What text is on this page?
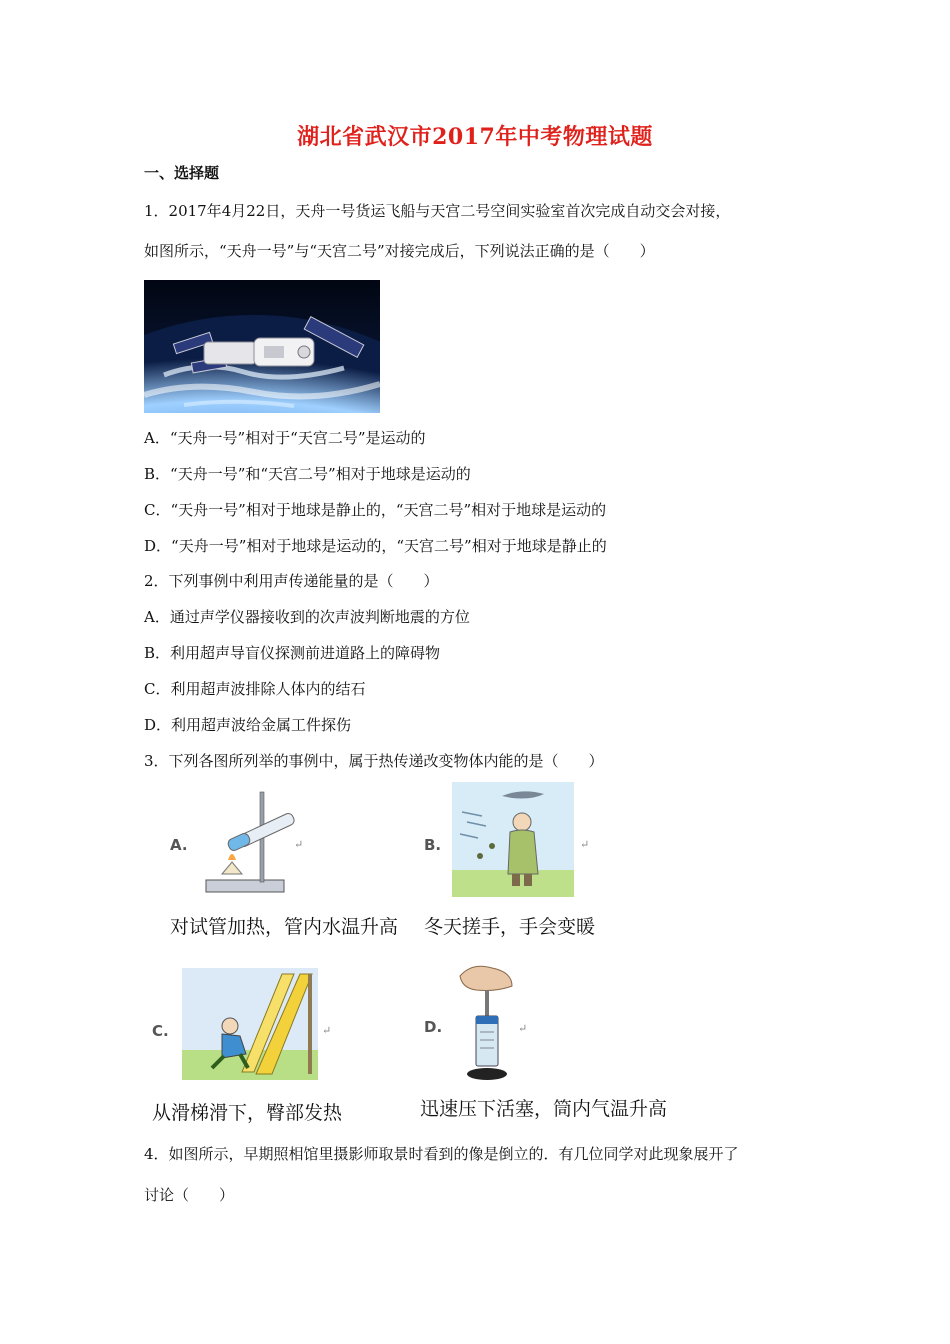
湖北省武汉市2017年中考物理试题
一、选择题
1．2017年4月22日，天舟一号货运飞船与天宫二号空间实验室首次完成自动交会对接，
如图所示，“天舟一号”与“天宫二号”对接完成后，下列说法正确的是（　　）
A．“天舟一号”相对于“天宫二号”是运动的
B．“天舟一号”和“天宫二号”相对于地球是运动的
C．“天舟一号”相对于地球是静止的，“天宫二号”相对于地球是运动的
D．“天舟一号”相对于地球是运动的，“天宫二号”相对于地球是静止的
2．下列事例中利用声传递能量的是（　　）
A．通过声学仪器接收到的次声波判断地震的方位
B．利用超声导盲仪探测前进道路上的障碍物
C．利用超声波排除人体内的结石
D．利用超声波给金属工件探伤
3．下列各图所列举的事例中，属于热传递改变物体内能的是（　　）
A.	↵
对试管加热，管内水温升高
B.	↵
冬天搓手，手会变暖
C.	↵
从滑梯滑下，臀部发热
D.	↵
迅速压下活塞，筒内气温升高
4．如图所示，早期照相馆里摄影师取景时看到的像是倒立的．有几位同学对此现象展开了
讨论（　　）
